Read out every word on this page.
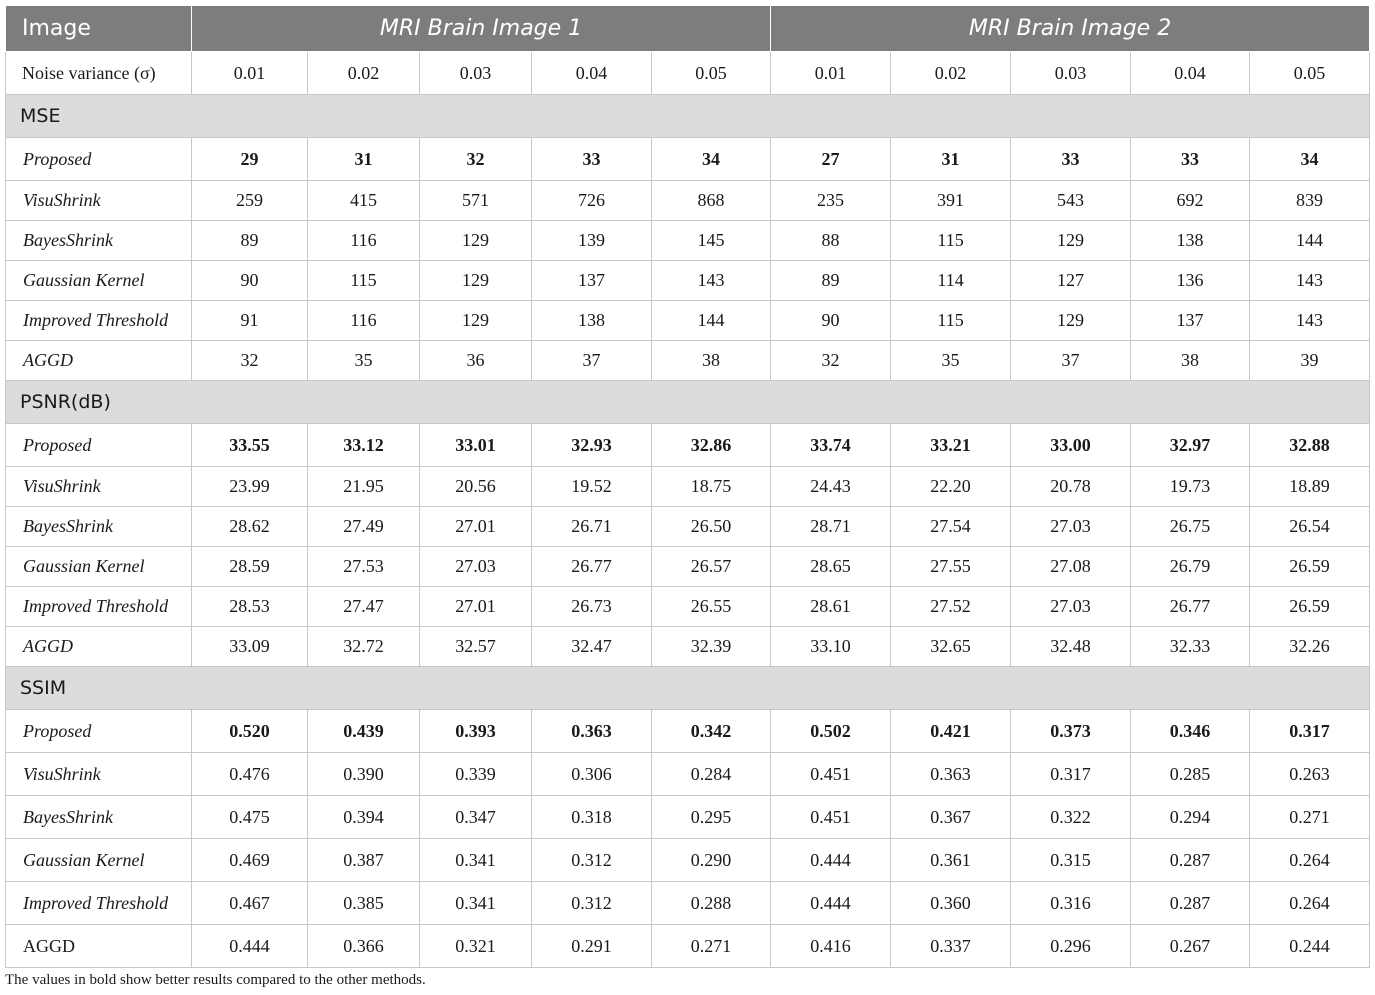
Image	MRI Brain Image 1					MRI Brain Image 2				
Noise variance (σ)	0.01	0.02	0.03	0.04	0.05	0.01	0.02	0.03	0.04	0.05
MSE										
Proposed	29	31	32	33	34	27	31	33	33	34
VisuShrink	259	415	571	726	868	235	391	543	692	839
BayesShrink	89	116	129	139	145	88	115	129	138	144
Gaussian Kernel	90	115	129	137	143	89	114	127	136	143
Improved Threshold	91	116	129	138	144	90	115	129	137	143
AGGD	32	35	36	37	38	32	35	37	38	39
PSNR(dB)										
Proposed	33.55	33.12	33.01	32.93	32.86	33.74	33.21	33.00	32.97	32.88
VisuShrink	23.99	21.95	20.56	19.52	18.75	24.43	22.20	20.78	19.73	18.89
BayesShrink	28.62	27.49	27.01	26.71	26.50	28.71	27.54	27.03	26.75	26.54
Gaussian Kernel	28.59	27.53	27.03	26.77	26.57	28.65	27.55	27.08	26.79	26.59
Improved Threshold	28.53	27.47	27.01	26.73	26.55	28.61	27.52	27.03	26.77	26.59
AGGD	33.09	32.72	32.57	32.47	32.39	33.10	32.65	32.48	32.33	32.26
SSIM										
Proposed	0.520	0.439	0.393	0.363	0.342	0.502	0.421	0.373	0.346	0.317
VisuShrink	0.476	0.390	0.339	0.306	0.284	0.451	0.363	0.317	0.285	0.263
BayesShrink	0.475	0.394	0.347	0.318	0.295	0.451	0.367	0.322	0.294	0.271
Gaussian Kernel	0.469	0.387	0.341	0.312	0.290	0.444	0.361	0.315	0.287	0.264
Improved Threshold	0.467	0.385	0.341	0.312	0.288	0.444	0.360	0.316	0.287	0.264
AGGD	0.444	0.366	0.321	0.291	0.271	0.416	0.337	0.296	0.267	0.244
The values in bold show better results compared to the other methods.
